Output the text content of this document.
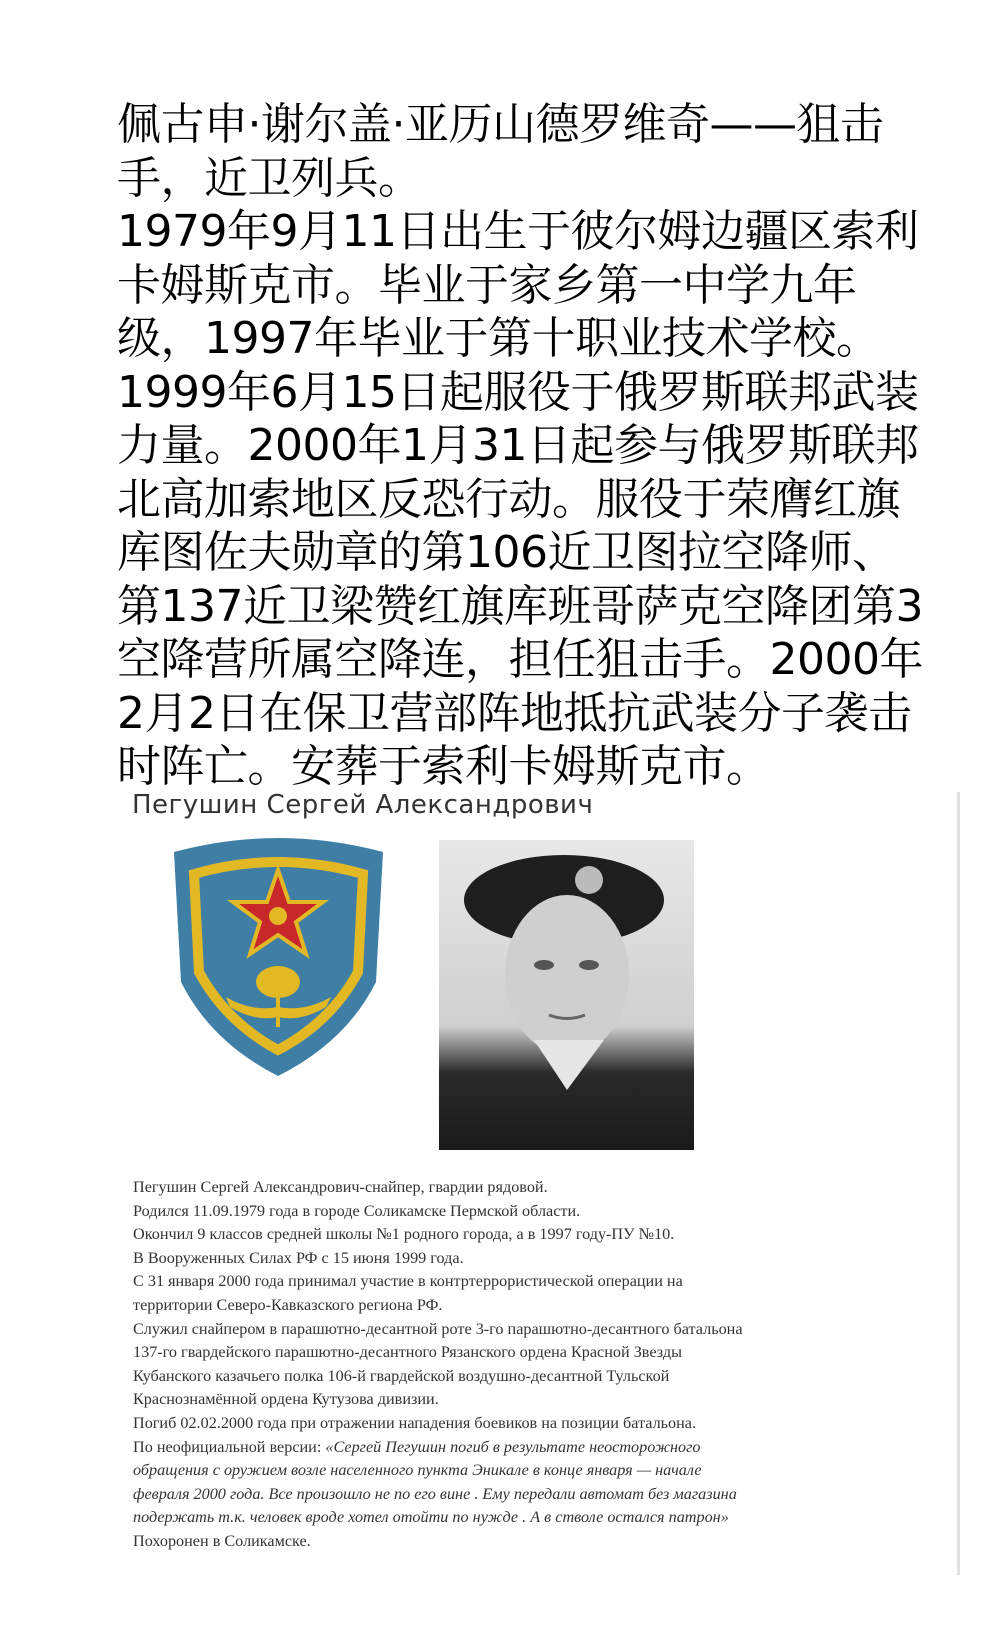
佩古申·谢尔盖·亚历山德罗维奇——狙击
手，近卫列兵。
1979年9月11日出生于彼尔姆边疆区索利
卡姆斯克市。毕业于家乡第一中学九年
级，1997年毕业于第十职业技术学校。
1999年6月15日起服役于俄罗斯联邦武装
力量。2000年1月31日起参与俄罗斯联邦
北高加索地区反恐行动。服役于荣膺红旗
库图佐夫勋章的第106近卫图拉空降师、
第137近卫梁赞红旗库班哥萨克空降团第3
空降营所属空降连，担任狙击手。2000年
2月2日在保卫营部阵地抵抗武装分子袭击
时阵亡。安葬于索利卡姆斯克市。
Пегушин Сергей Александрович
Пегушин Сергей Александрович-снайпер, гвардии рядовой.
Родился 11.09.1979 года в городе Соликамске Пермской области.
Окончил 9 классов средней школы №1 родного города, а в 1997 году-ПУ №10.
В Вооруженных Силах РФ с 15 июня 1999 года.
С 31 января 2000 года принимал участие в контртеррористической операции на
территории Северо-Кавказского региона РФ.
Служил снайпером в парашютно-десантной роте 3-го парашютно-десантного батальона
137-го гвардейского парашютно-десантного Рязанского ордена Красной Звезды
Кубанского казачьего полка 106-й гвардейской воздушно-десантной Тульской
Краснознамённой ордена Кутузова дивизии.
Погиб 02.02.2000 года при отражении нападения боевиков на позиции батальона.
По неофициальной версии: «Сергей Пегушин погиб в результате неосторожного
обращения с оружием возле населенного пункта Эникале в конце января — начале
февраля 2000 года. Все произошло не по его вине . Ему передали автомат без магазина
подержать т.к. человек вроде хотел отойти по нужде . А в стволе остался патрон»
Похоронен в Соликамске.
